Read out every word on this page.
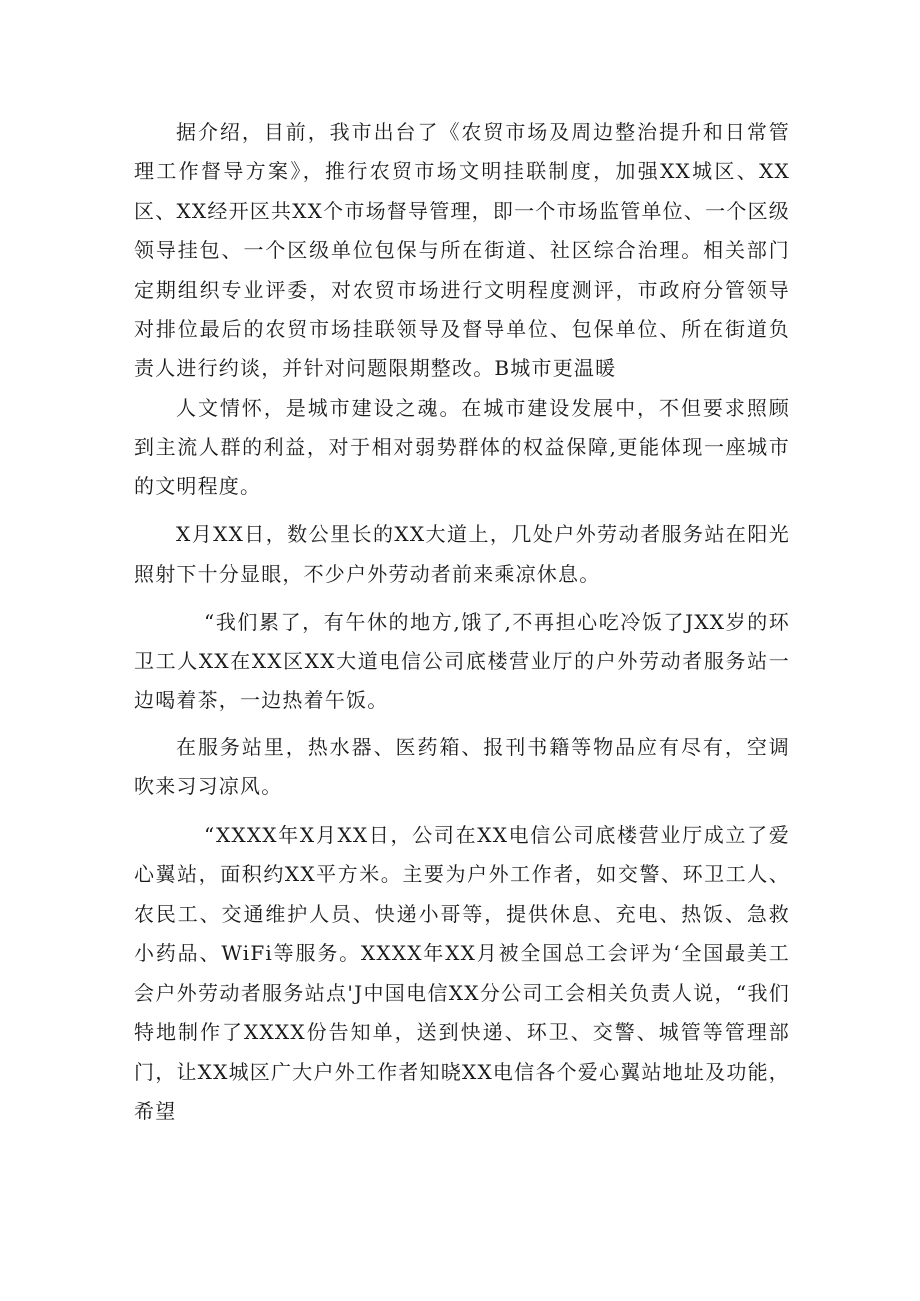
据介绍，目前，我市出台了《农贸市场及周边整治提升和日常管理工作督导方案》，推行农贸市场文明挂联制度，加强XX城区、XX区、XX经开区共XX个市场督导管理，即一个市场监管单位、一个区级领导挂包、一个区级单位包保与所在街道、社区综合治理。相关部门定期组织专业评委，对农贸市场进行文明程度测评，市政府分管领导对排位最后的农贸市场挂联领导及督导单位、包保单位、所在街道负责人进行约谈，并针对问题限期整改。B城市更温暖

人文情怀，是城市建设之魂。在城市建设发展中，不但要求照顾到主流人群的利益，对于相对弱势群体的权益保障,更能体现一座城市的文明程度。

X月XX日，数公里长的XX大道上，几处户外劳动者服务站在阳光照射下十分显眼，不少户外劳动者前来乘凉休息。

“我们累了，有午休的地方,饿了,不再担心吃冷饭了JXX岁的环卫工人XX在XX区XX大道电信公司底楼营业厅的户外劳动者服务站一边喝着茶，一边热着午饭。

在服务站里，热水器、医药箱、报刊书籍等物品应有尽有，空调吹来习习凉风。

“XXXX年X月XX日，公司在XX电信公司底楼营业厅成立了爱心翼站，面积约XX平方米。主要为户外工作者，如交警、环卫工人、农民工、交通维护人员、快递小哥等，提供休息、充电、热饭、急救小药品、WiFi等服务。XXXX年XX月被全国总工会评为‘全国最美工会户外劳动者服务站点'J中国电信XX分公司工会相关负责人说，“我们特地制作了XXXX份告知单，送到快递、环卫、交警、城管等管理部门，让XX城区广大户外工作者知晓XX电信各个爱心翼站地址及功能，希望
